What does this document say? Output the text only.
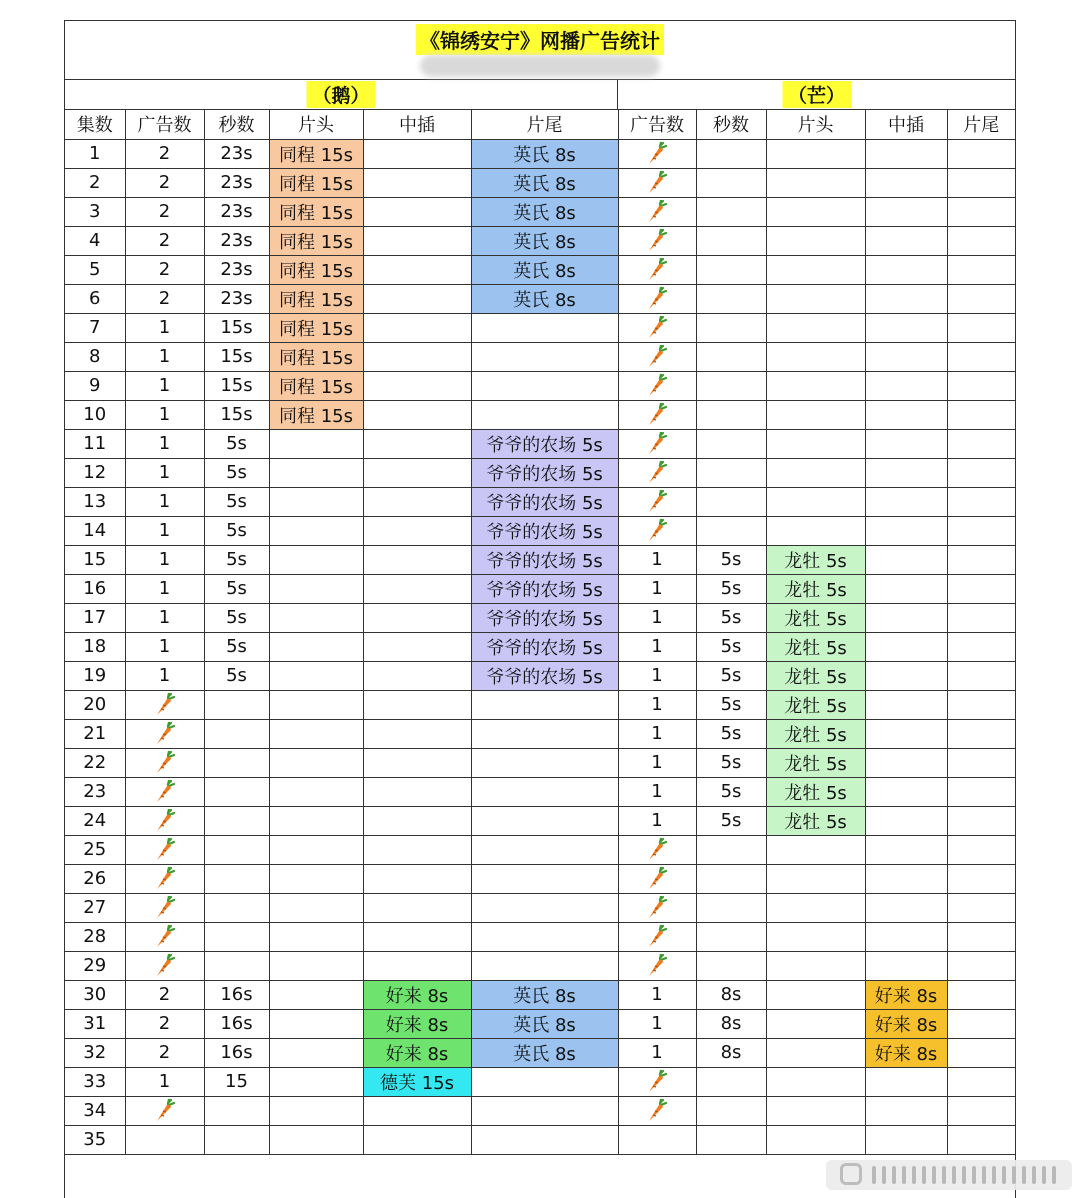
《锦绣安宁》网播广告统计
（鹅）	（芒）
集数	广告数	秒数	片头	中插	片尾	广告数	秒数	片头	中插	片尾
1	2	23s	同程 15s		英氏 8s					
2	2	23s	同程 15s		英氏 8s					
3	2	23s	同程 15s		英氏 8s					
4	2	23s	同程 15s		英氏 8s					
5	2	23s	同程 15s		英氏 8s					
6	2	23s	同程 15s		英氏 8s					
7	1	15s	同程 15s							
8	1	15s	同程 15s							
9	1	15s	同程 15s							
10	1	15s	同程 15s							
11	1	5s			爷爷的农场 5s					
12	1	5s			爷爷的农场 5s					
13	1	5s			爷爷的农场 5s					
14	1	5s			爷爷的农场 5s					
15	1	5s			爷爷的农场 5s	1	5s	龙牡 5s		
16	1	5s			爷爷的农场 5s	1	5s	龙牡 5s		
17	1	5s			爷爷的农场 5s	1	5s	龙牡 5s		
18	1	5s			爷爷的农场 5s	1	5s	龙牡 5s		
19	1	5s			爷爷的农场 5s	1	5s	龙牡 5s		
20						1	5s	龙牡 5s		
21						1	5s	龙牡 5s		
22						1	5s	龙牡 5s		
23						1	5s	龙牡 5s		
24						1	5s	龙牡 5s		
25										
26										
27										
28										
29										
30	2	16s		好来 8s	英氏 8s	1	8s		好来 8s	
31	2	16s		好来 8s	英氏 8s	1	8s		好来 8s	
32	2	16s		好来 8s	英氏 8s	1	8s		好来 8s	
33	1	15		德芙 15s						
34										
35										
